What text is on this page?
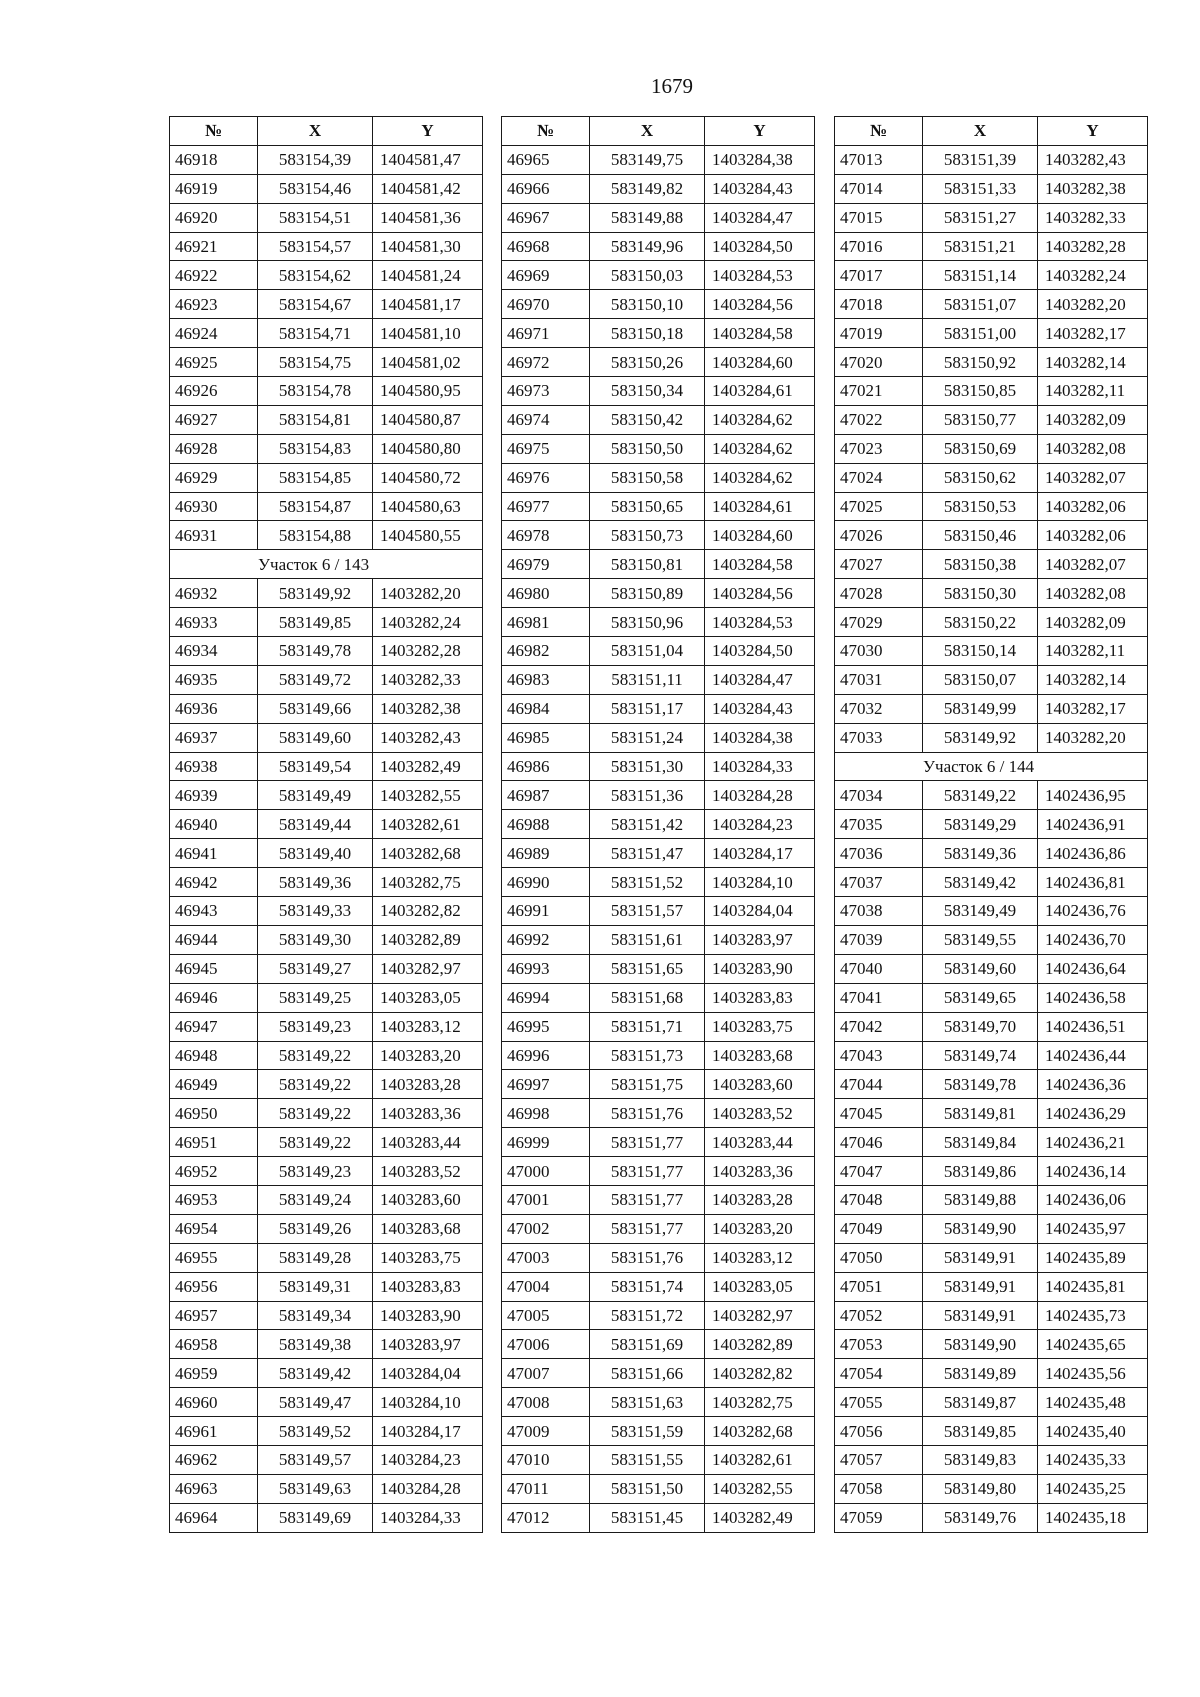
1679
№	X	Y
46918	583154,39	1404581,47
46919	583154,46	1404581,42
46920	583154,51	1404581,36
46921	583154,57	1404581,30
46922	583154,62	1404581,24
46923	583154,67	1404581,17
46924	583154,71	1404581,10
46925	583154,75	1404581,02
46926	583154,78	1404580,95
46927	583154,81	1404580,87
46928	583154,83	1404580,80
46929	583154,85	1404580,72
46930	583154,87	1404580,63
46931	583154,88	1404580,55
Участок 6 / 143		
46932	583149,92	1403282,20
46933	583149,85	1403282,24
46934	583149,78	1403282,28
46935	583149,72	1403282,33
46936	583149,66	1403282,38
46937	583149,60	1403282,43
46938	583149,54	1403282,49
46939	583149,49	1403282,55
46940	583149,44	1403282,61
46941	583149,40	1403282,68
46942	583149,36	1403282,75
46943	583149,33	1403282,82
46944	583149,30	1403282,89
46945	583149,27	1403282,97
46946	583149,25	1403283,05
46947	583149,23	1403283,12
46948	583149,22	1403283,20
46949	583149,22	1403283,28
46950	583149,22	1403283,36
46951	583149,22	1403283,44
46952	583149,23	1403283,52
46953	583149,24	1403283,60
46954	583149,26	1403283,68
46955	583149,28	1403283,75
46956	583149,31	1403283,83
46957	583149,34	1403283,90
46958	583149,38	1403283,97
46959	583149,42	1403284,04
46960	583149,47	1403284,10
46961	583149,52	1403284,17
46962	583149,57	1403284,23
46963	583149,63	1403284,28
46964	583149,69	1403284,33
№	X	Y
46965	583149,75	1403284,38
46966	583149,82	1403284,43
46967	583149,88	1403284,47
46968	583149,96	1403284,50
46969	583150,03	1403284,53
46970	583150,10	1403284,56
46971	583150,18	1403284,58
46972	583150,26	1403284,60
46973	583150,34	1403284,61
46974	583150,42	1403284,62
46975	583150,50	1403284,62
46976	583150,58	1403284,62
46977	583150,65	1403284,61
46978	583150,73	1403284,60
46979	583150,81	1403284,58
46980	583150,89	1403284,56
46981	583150,96	1403284,53
46982	583151,04	1403284,50
46983	583151,11	1403284,47
46984	583151,17	1403284,43
46985	583151,24	1403284,38
46986	583151,30	1403284,33
46987	583151,36	1403284,28
46988	583151,42	1403284,23
46989	583151,47	1403284,17
46990	583151,52	1403284,10
46991	583151,57	1403284,04
46992	583151,61	1403283,97
46993	583151,65	1403283,90
46994	583151,68	1403283,83
46995	583151,71	1403283,75
46996	583151,73	1403283,68
46997	583151,75	1403283,60
46998	583151,76	1403283,52
46999	583151,77	1403283,44
47000	583151,77	1403283,36
47001	583151,77	1403283,28
47002	583151,77	1403283,20
47003	583151,76	1403283,12
47004	583151,74	1403283,05
47005	583151,72	1403282,97
47006	583151,69	1403282,89
47007	583151,66	1403282,82
47008	583151,63	1403282,75
47009	583151,59	1403282,68
47010	583151,55	1403282,61
47011	583151,50	1403282,55
47012	583151,45	1403282,49
№	X	Y
47013	583151,39	1403282,43
47014	583151,33	1403282,38
47015	583151,27	1403282,33
47016	583151,21	1403282,28
47017	583151,14	1403282,24
47018	583151,07	1403282,20
47019	583151,00	1403282,17
47020	583150,92	1403282,14
47021	583150,85	1403282,11
47022	583150,77	1403282,09
47023	583150,69	1403282,08
47024	583150,62	1403282,07
47025	583150,53	1403282,06
47026	583150,46	1403282,06
47027	583150,38	1403282,07
47028	583150,30	1403282,08
47029	583150,22	1403282,09
47030	583150,14	1403282,11
47031	583150,07	1403282,14
47032	583149,99	1403282,17
47033	583149,92	1403282,20
Участок 6 / 144		
47034	583149,22	1402436,95
47035	583149,29	1402436,91
47036	583149,36	1402436,86
47037	583149,42	1402436,81
47038	583149,49	1402436,76
47039	583149,55	1402436,70
47040	583149,60	1402436,64
47041	583149,65	1402436,58
47042	583149,70	1402436,51
47043	583149,74	1402436,44
47044	583149,78	1402436,36
47045	583149,81	1402436,29
47046	583149,84	1402436,21
47047	583149,86	1402436,14
47048	583149,88	1402436,06
47049	583149,90	1402435,97
47050	583149,91	1402435,89
47051	583149,91	1402435,81
47052	583149,91	1402435,73
47053	583149,90	1402435,65
47054	583149,89	1402435,56
47055	583149,87	1402435,48
47056	583149,85	1402435,40
47057	583149,83	1402435,33
47058	583149,80	1402435,25
47059	583149,76	1402435,18
